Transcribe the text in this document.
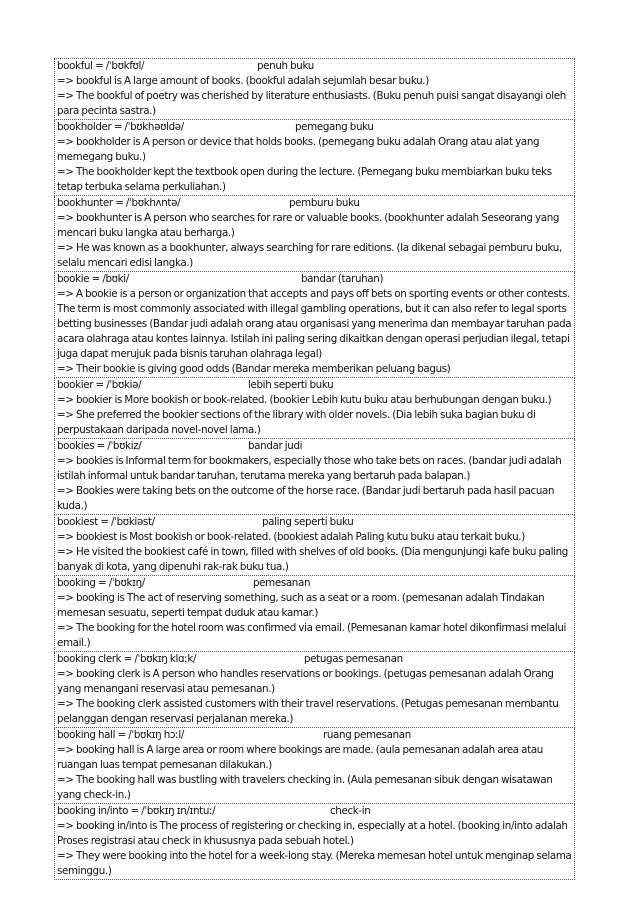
bookful = /ˈbʊkfʊl/	penuh buku
=> bookful is A large amount of books. (bookful adalah sejumlah besar buku.)
=> The bookful of poetry was cherished by literature enthusiasts. (Buku penuh puisi sangat disayangi oleh para pecinta sastra.)
bookholder = /ˈbʊkhəʊldə/	pemegang buku
=> bookholder is A person or device that holds books. (pemegang buku adalah Orang atau alat yang memegang buku.)
=> The bookholder kept the textbook open during the lecture. (Pemegang buku membiarkan buku teks tetap terbuka selama perkuliahan.)
bookhunter = /ˈbʊkhʌntə/	pemburu buku
=> bookhunter is A person who searches for rare or valuable books. (bookhunter adalah Seseorang yang mencari buku langka atau berharga.)
=> He was known as a bookhunter, always searching for rare editions. (Ia dikenal sebagai pemburu buku, selalu mencari edisi langka.)
bookie = /bʊki/	bandar (taruhan)
=> A bookie is a person or organization that accepts and pays off bets on sporting events or other contests. The term is most commonly associated with illegal gambling operations, but it can also refer to legal sports betting businesses (Bandar judi adalah orang atau organisasi yang menerima dan membayar taruhan pada acara olahraga atau kontes lainnya. Istilah ini paling sering dikaitkan dengan operasi perjudian ilegal, tetapi juga dapat merujuk pada bisnis taruhan olahraga legal)
=> Their bookie is giving good odds (Bandar mereka memberikan peluang bagus)
bookier = /ˈbʊkiə/	lebih seperti buku
=> bookier is More bookish or book-related. (bookier Lebih kutu buku atau berhubungan dengan buku.)
=> She preferred the bookier sections of the library with older novels. (Dia lebih suka bagian buku di perpustakaan daripada novel-novel lama.)
bookies = /ˈbʊkiz/	bandar judi
=> bookies is Informal term for bookmakers, especially those who take bets on races. (bandar judi adalah istilah informal untuk bandar taruhan, terutama mereka yang bertaruh pada balapan.)
=> Bookies were taking bets on the outcome of the horse race. (Bandar judi bertaruh pada hasil pacuan kuda.)
bookiest = /ˈbʊkiəst/	paling seperti buku
=> bookiest is Most bookish or book-related. (bookiest adalah Paling kutu buku atau terkait buku.)
=> He visited the bookiest café in town, filled with shelves of old books. (Dia mengunjungi kafe buku paling banyak di kota, yang dipenuhi rak-rak buku tua.)
booking = /ˈbʊkɪŋ/	pemesanan
=> booking is The act of reserving something, such as a seat or a room. (pemesanan adalah Tindakan memesan sesuatu, seperti tempat duduk atau kamar.)
=> The booking for the hotel room was confirmed via email. (Pemesanan kamar hotel dikonfirmasi melalui email.)
booking clerk = /ˈbʊkɪŋ klɑːk/	petugas pemesanan
=> booking clerk is A person who handles reservations or bookings. (petugas pemesanan adalah Orang yang menangani reservasi atau pemesanan.)
=> The booking clerk assisted customers with their travel reservations. (Petugas pemesanan membantu pelanggan dengan reservasi perjalanan mereka.)
booking hall = /ˈbʊkɪŋ hɔːl/	ruang pemesanan
=> booking hall is A large area or room where bookings are made. (aula pemesanan adalah area atau ruangan luas tempat pemesanan dilakukan.)
=> The booking hall was bustling with travelers checking in. (Aula pemesanan sibuk dengan wisatawan yang check-in.)
booking in/into = /ˈbʊkɪŋ ɪn/ɪntuː/	check-in
=> booking in/into is The process of registering or checking in, especially at a hotel. (booking in/into adalah Proses registrasi atau check in khususnya pada sebuah hotel.)
=> They were booking into the hotel for a week-long stay. (Mereka memesan hotel untuk menginap selama seminggu.)
